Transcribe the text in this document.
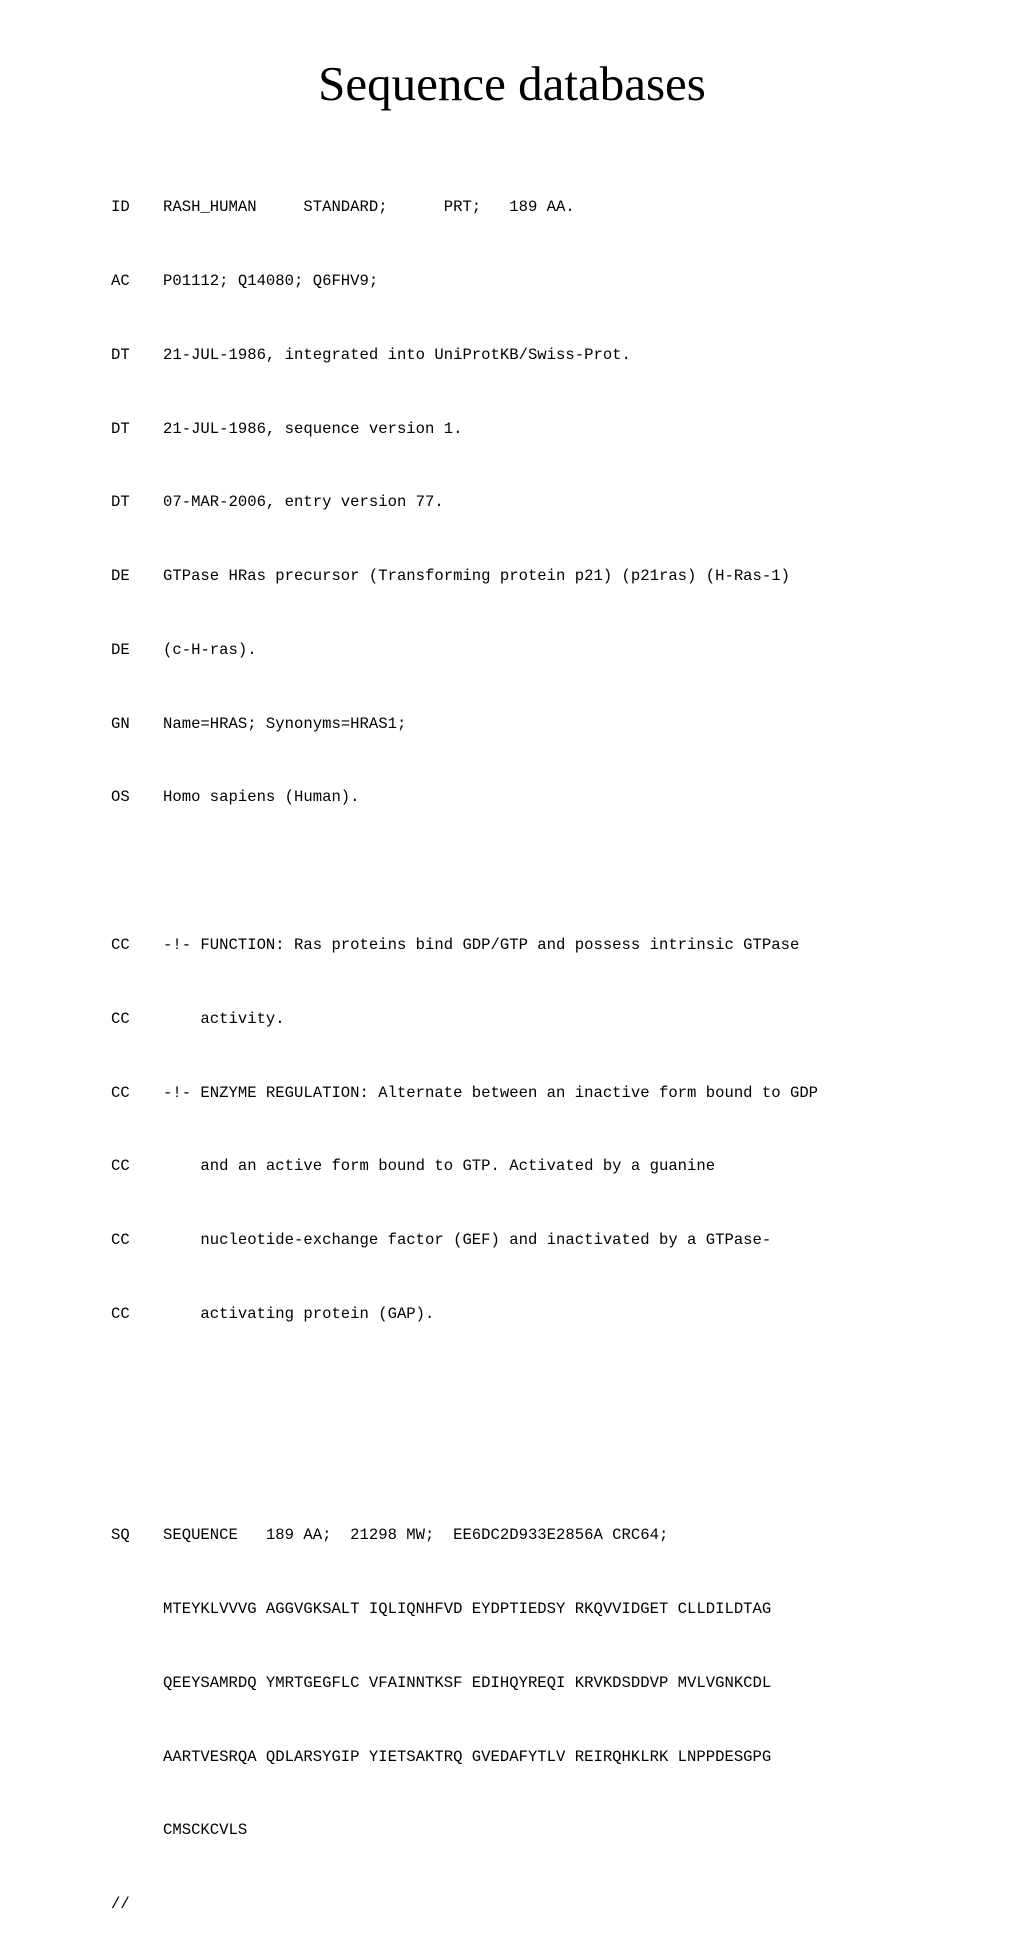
Sequence databases

ID RASH_HUMAN     STANDARD;      PRT;   189 AA.

AC P01112; Q14080; Q6FHV9;

DT 21-JUL-1986, integrated into UniProtKB/Swiss-Prot.

DT 21-JUL-1986, sequence version 1.

DT 07-MAR-2006, entry version 77.

DE GTPase HRas precursor (Transforming protein p21) (p21ras) (H-Ras-1)

DE (c-H-ras).

GN Name=HRAS; Synonyms=HRAS1;

OS Homo sapiens (Human).

CC -!- FUNCTION: Ras proteins bind GDP/GTP and possess intrinsic GTPase

CC    activity.

CC -!- ENZYME REGULATION: Alternate between an inactive form bound to GDP

CC    and an active form bound to GTP. Activated by a guanine

CC    nucleotide-exchange factor (GEF) and inactivated by a GTPase-

CC    activating protein (GAP).

SQ SEQUENCE   189 AA;  21298 MW;  EE6DC2D933E2856A CRC64;

MTEYKLVVVG AGGVGKSALT IQLIQNHFVD EYDPTIEDSY RKQVVIDGET CLLDILDTAG

QEEYSAMRDQ YMRTGEGFLC VFAINNTKSF EDIHQYREQI KRVKDSDDVP MVLVGNKCDL

AARTVESRQA QDLARSYGIP YIETSAKTRQ GVEDAFYTLV REIRQHKLRK LNPPDESGPG

CMSCKCVLS

//
